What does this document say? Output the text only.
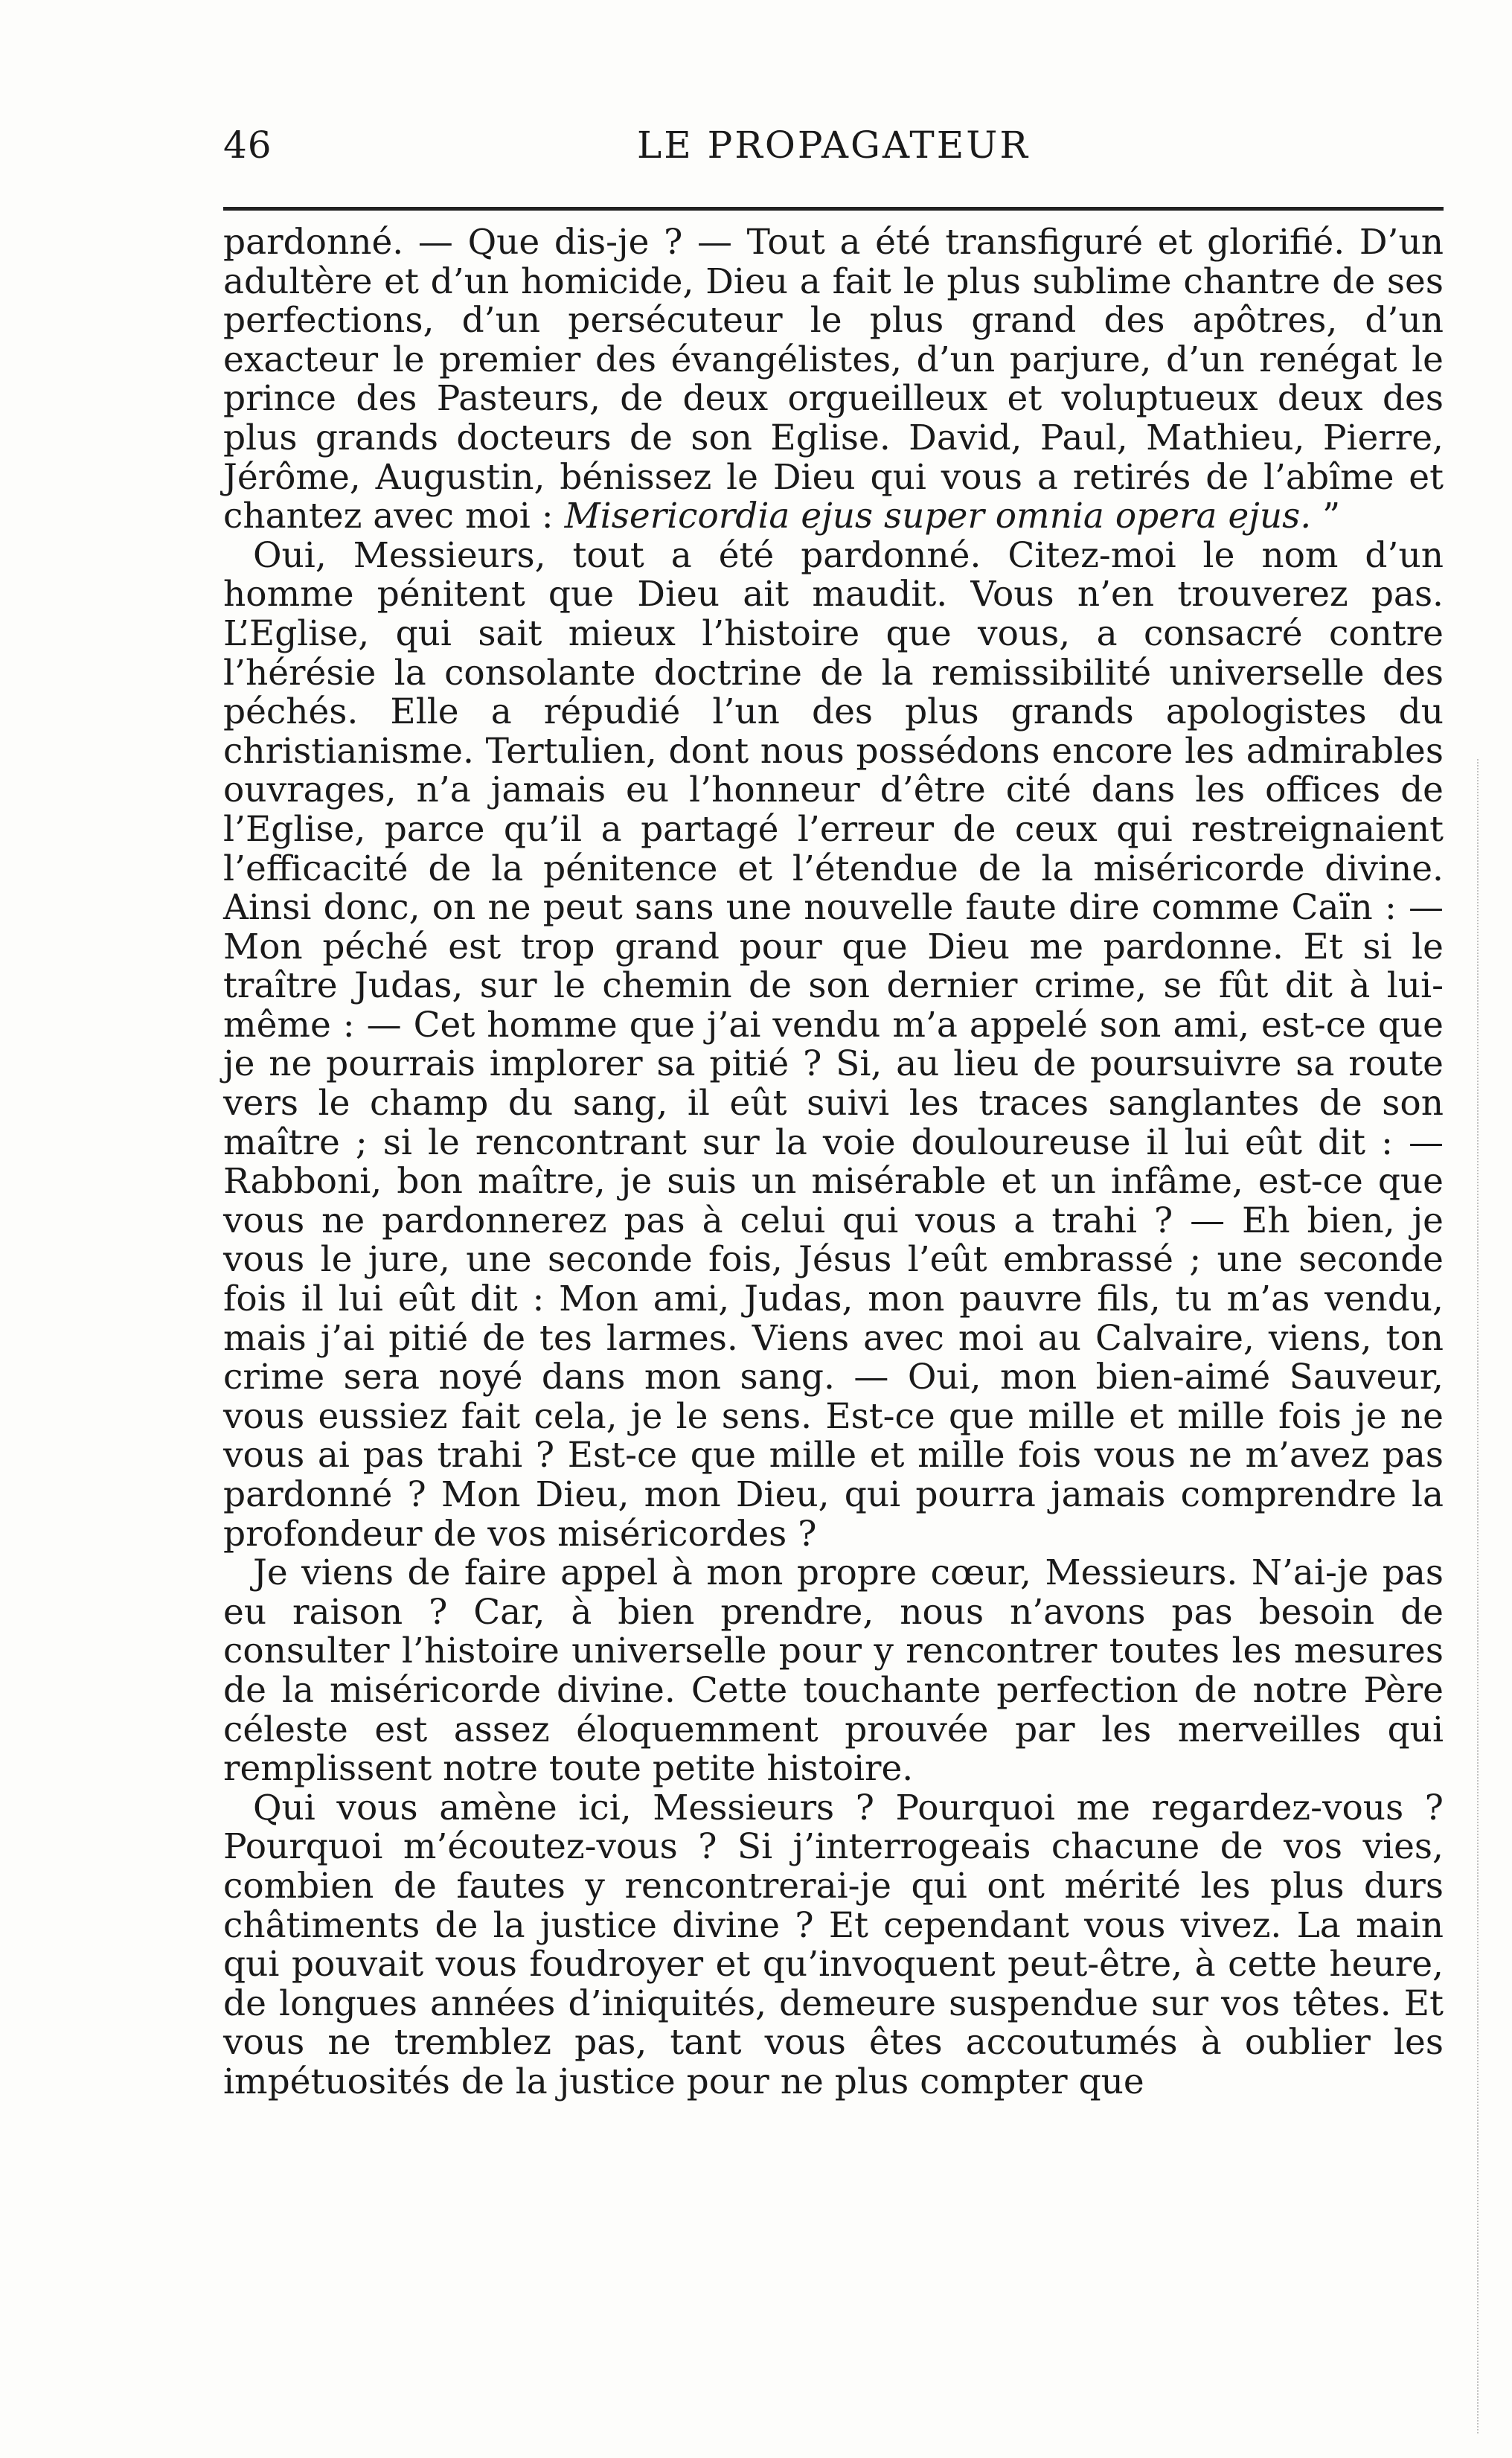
46	LE PROPAGATEUR

pardonné. — Que dis-je ? — Tout a été transfiguré et glorifié. D’un adultère et d’un homicide, Dieu a fait le plus sublime chantre de ses perfections, d’un persécuteur le plus grand des apôtres, d’un exacteur le premier des évangélistes, d’un parjure, d’un renégat le prince des Pasteurs, de deux orgueilleux et voluptueux deux des plus grands docteurs de son Eglise. David, Paul, Mathieu, Pierre, Jérôme, Augustin, bénissez le Dieu qui vous a retirés de l’abîme et chantez avec moi : Misericordia ejus super omnia opera ejus. ”

Oui, Messieurs, tout a été pardonné. Citez-moi le nom d’un homme pénitent que Dieu ait maudit. Vous n’en trouverez pas. L’Eglise, qui sait mieux l’histoire que vous, a consacré contre l’hérésie la consolante doctrine de la remissibilité universelle des péchés. Elle a répudié l’un des plus grands apologistes du christianisme. Tertulien, dont nous possédons encore les admirables ouvrages, n’a jamais eu l’honneur d’être cité dans les offices de l’Eglise, parce qu’il a partagé l’erreur de ceux qui restreignaient l’efficacité de la pénitence et l’étendue de la miséricorde divine. Ainsi donc, on ne peut sans une nouvelle faute dire comme Caïn : — Mon péché est trop grand pour que Dieu me pardonne. Et si le traître Judas, sur le chemin de son dernier crime, se fût dit à lui-même : — Cet homme que j’ai vendu m’a appelé son ami, est-ce que je ne pourrais implorer sa pitié ? Si, au lieu de poursuivre sa route vers le champ du sang, il eût suivi les traces sanglantes de son maître ; si le rencontrant sur la voie douloureuse il lui eût dit : — Rabboni, bon maître, je suis un misérable et un infâme, est-ce que vous ne pardonnerez pas à celui qui vous a trahi ? — Eh bien, je vous le jure, une seconde fois, Jésus l’eût embrassé ; une seconde fois il lui eût dit : Mon ami, Judas, mon pauvre fils, tu m’as vendu, mais j’ai pitié de tes larmes. Viens avec moi au Calvaire, viens, ton crime sera noyé dans mon sang. — Oui, mon bien-aimé Sauveur, vous eussiez fait cela, je le sens. Est-ce que mille et mille fois je ne vous ai pas trahi ? Est-ce que mille et mille fois vous ne m’avez pas pardonné ? Mon Dieu, mon Dieu, qui pourra jamais comprendre la profondeur de vos miséricordes ?

Je viens de faire appel à mon propre cœur, Messieurs. N’ai-je pas eu raison ? Car, à bien prendre, nous n’avons pas besoin de consulter l’histoire universelle pour y rencontrer toutes les mesures de la miséricorde divine. Cette touchante perfection de notre Père céleste est assez éloquemment prouvée par les merveilles qui remplissent notre toute petite histoire.

Qui vous amène ici, Messieurs ? Pourquoi me regardez-vous ? Pourquoi m’écoutez-vous ? Si j’interrogeais chacune de vos vies, combien de fautes y rencontrerai-je qui ont mérité les plus durs châtiments de la justice divine ? Et cependant vous vivez. La main qui pouvait vous foudroyer et qu’invoquent peut-être, à cette heure, de longues années d’iniquités, demeure suspendue sur vos têtes. Et vous ne tremblez pas, tant vous êtes accoutumés à oublier les impétuosités de la justice pour ne plus compter que
